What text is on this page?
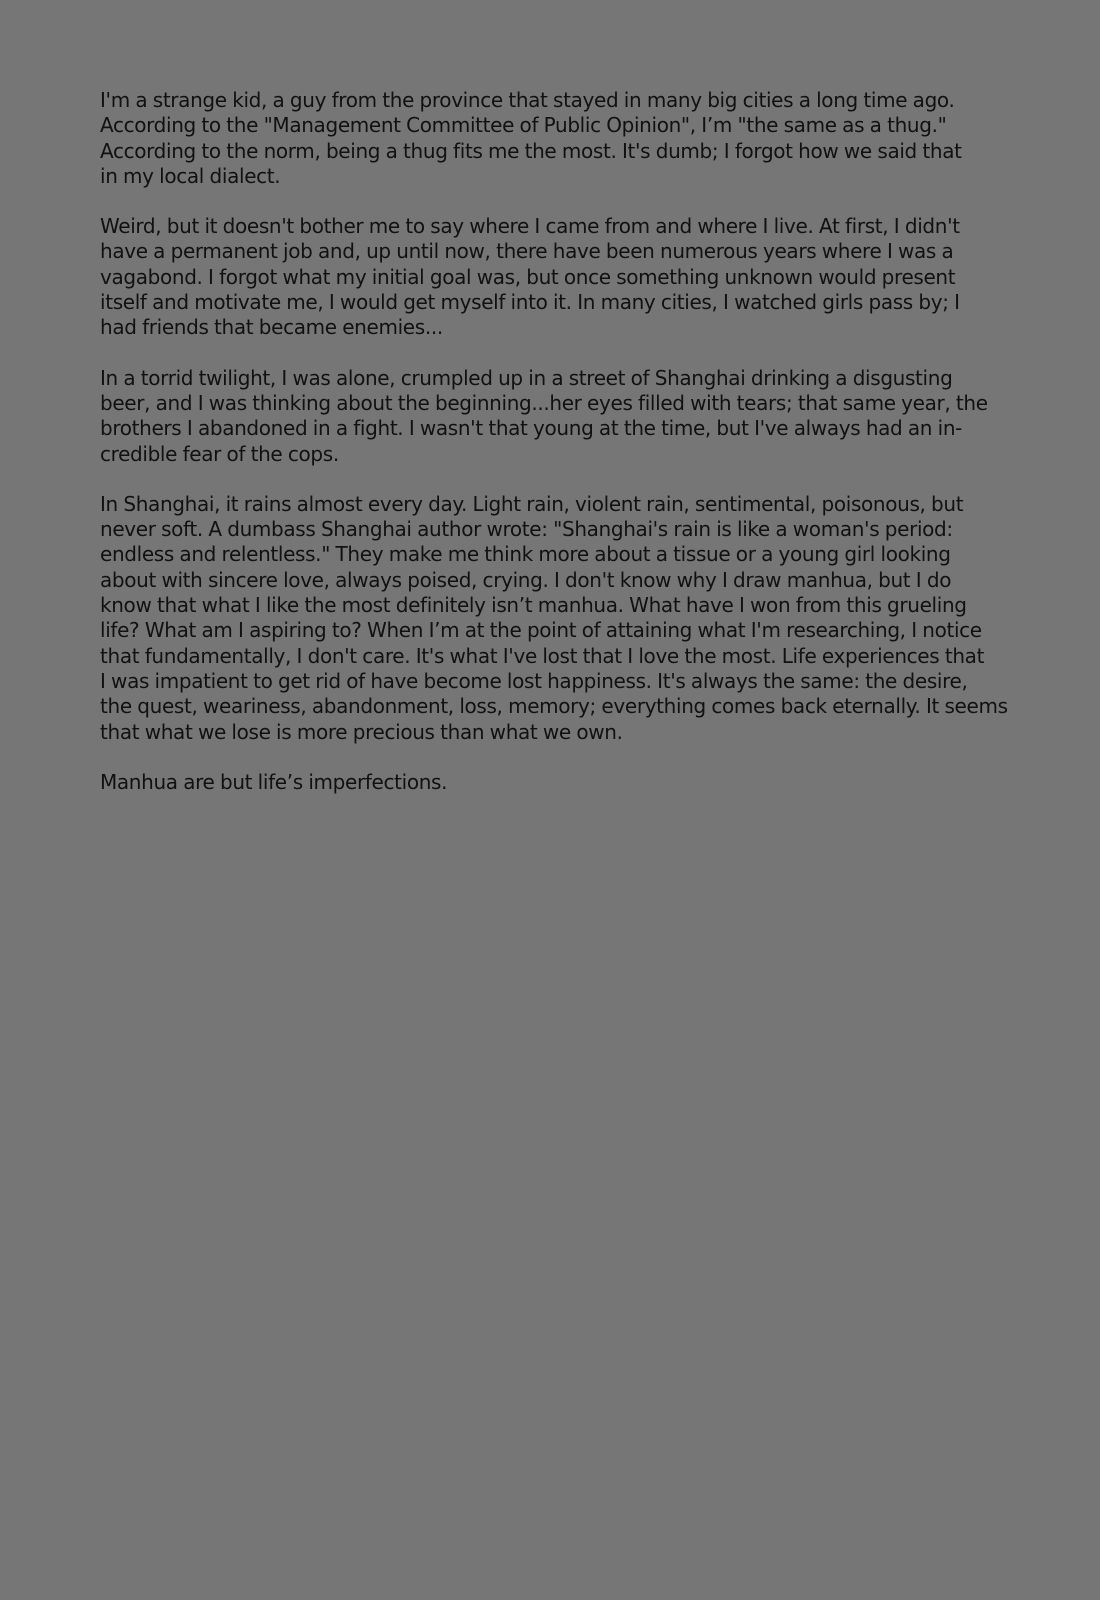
I'm a strange kid, a guy from the province that stayed in many big cities a long time ago.
According to the "Management Committee of Public Opinion", I’m "the same as a thug."
According to the norm, being a thug fits me the most. It's dumb; I forgot how we said that
in my local dialect.

Weird, but it doesn't bother me to say where I came from and where I live. At first, I didn't
have a permanent job and, up until now, there have been numerous years where I was a
vagabond. I forgot what my initial goal was, but once something unknown would present
itself and motivate me, I would get myself into it. In many cities, I watched girls pass by; I
had friends that became enemies...

In a torrid twilight, I was alone, crumpled up in a street of Shanghai drinking a disgusting
beer, and I was thinking about the beginning...her eyes filled with tears; that same year, the
brothers I abandoned in a fight. I wasn't that young at the time, but I've always had an in-
credible fear of the cops.

In Shanghai, it rains almost every day. Light rain, violent rain, sentimental, poisonous, but
never soft. A dumbass Shanghai author wrote: "Shanghai's rain is like a woman's period:
endless and relentless." They make me think more about a tissue or a young girl looking
about with sincere love, always poised, crying. I don't know why I draw manhua, but I do
know that what I like the most definitely isn’t manhua. What have I won from this grueling
life? What am I aspiring to? When I’m at the point of attaining what I'm researching, I notice
that fundamentally, I don't care. It's what I've lost that I love the most. Life experiences that
I was impatient to get rid of have become lost happiness. It's always the same: the desire,
the quest, weariness, abandonment, loss, memory; everything comes back eternally. It seems
that what we lose is more precious than what we own.

Manhua are but life’s imperfections.
